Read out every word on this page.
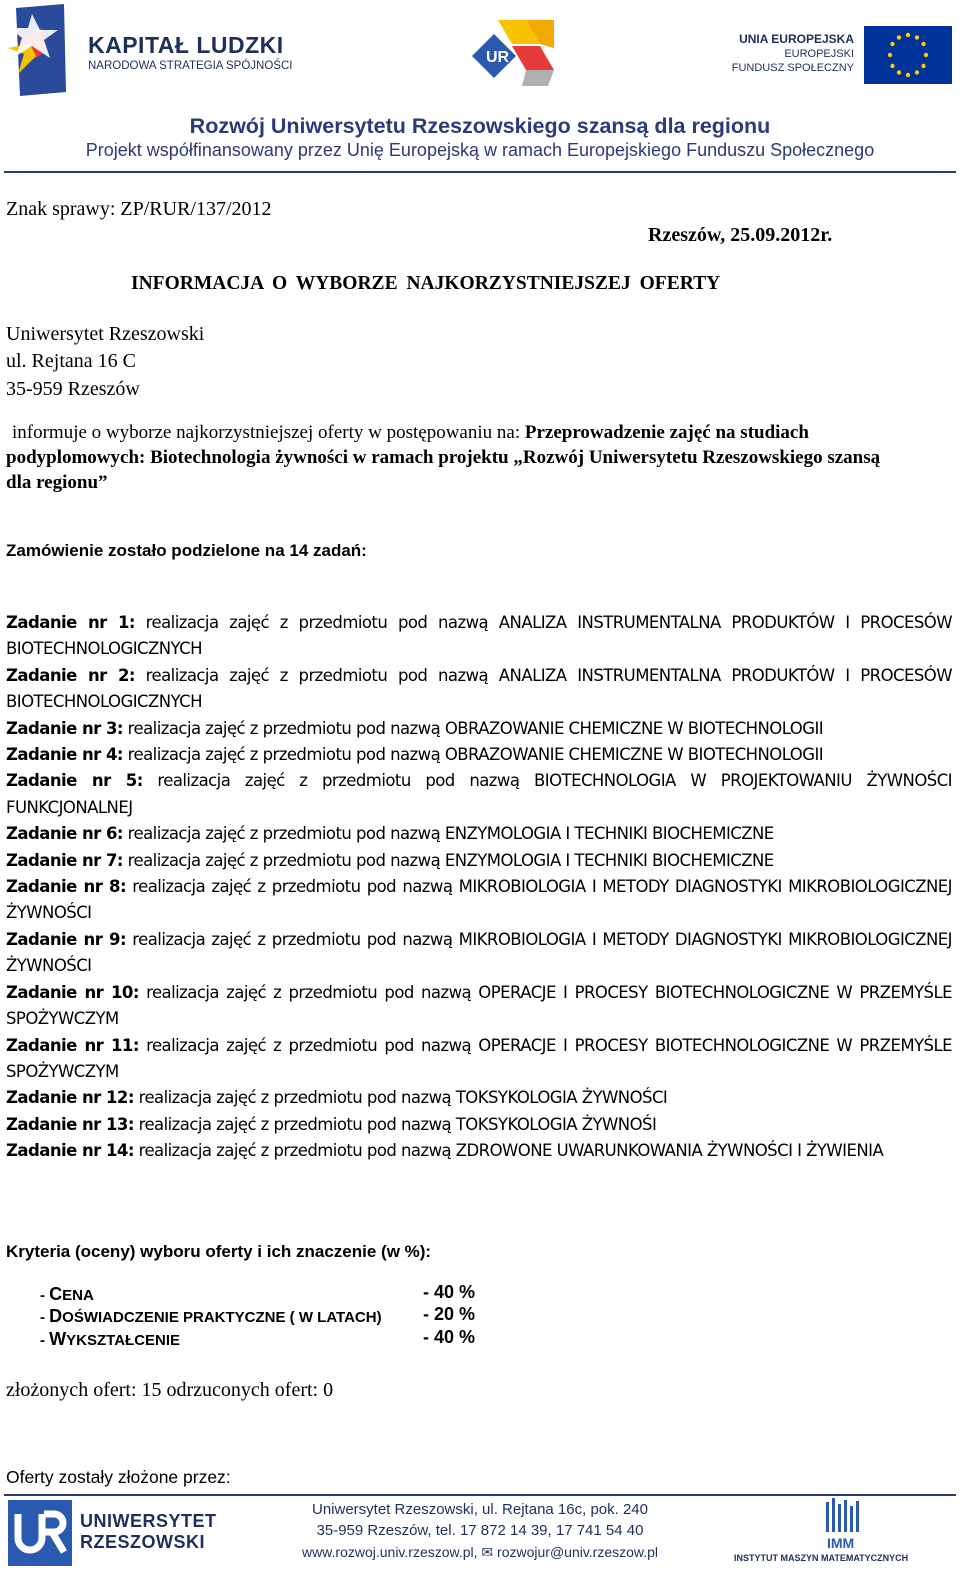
KAPITAŁ LUDZKI
NARODOWA STRATEGIA SPÓJNOŚCI	UR
UNIA EUROPEJSKA
EUROPEJSKI
FUNDUSZ SPOŁECZNY
Rozwój Uniwersytetu Rzeszowskiego szansą dla regionu
Projekt współfinansowany przez Unię Europejską w ramach Europejskiego Funduszu Społecznego
Znak sprawy: ZP/RUR/137/2012
Rzeszów, 25.09.2012r.
INFORMACJA O WYBORZE NAJKORZYSTNIEJSZEJ OFERTY
Uniwersytet Rzeszowski
ul. Rejtana 16 C
35-959 Rzeszów
informuje o wyborze najkorzystniejszej oferty w postępowaniu na: Przeprowadzenie zajęć na studiach podyplomowych: Biotechnologia żywności w ramach projektu „Rozwój Uniwersytetu Rzeszowskiego szansą dla regionu”
Zamówienie zostało podzielone na 14 zadań:
Zadanie nr 1: realizacja zajęć z przedmiotu pod nazwą ANALIZA INSTRUMENTALNA PRODUKTÓW I PROCESÓW BIOTECHNOLOGICZNYCH
Zadanie nr 2: realizacja zajęć z przedmiotu pod nazwą ANALIZA INSTRUMENTALNA PRODUKTÓW I PROCESÓW BIOTECHNOLOGICZNYCH
Zadanie nr 3: realizacja zajęć z przedmiotu pod nazwą OBRAZOWANIE CHEMICZNE W BIOTECHNOLOGII
Zadanie nr 4: realizacja zajęć z przedmiotu pod nazwą OBRAZOWANIE CHEMICZNE W BIOTECHNOLOGII
Zadanie nr 5: realizacja zajęć z przedmiotu pod nazwą BIOTECHNOLOGIA W PROJEKTOWANIU ŻYWNOŚCI FUNKCJONALNEJ
Zadanie nr 6: realizacja zajęć z przedmiotu pod nazwą ENZYMOLOGIA I TECHNIKI BIOCHEMICZNE
Zadanie nr 7: realizacja zajęć z przedmiotu pod nazwą ENZYMOLOGIA I TECHNIKI BIOCHEMICZNE
Zadanie nr 8: realizacja zajęć z przedmiotu pod nazwą MIKROBIOLOGIA I METODY DIAGNOSTYKI MIKROBIOLOGICZNEJ ŻYWNOŚCI
Zadanie nr 9: realizacja zajęć z przedmiotu pod nazwą MIKROBIOLOGIA I METODY DIAGNOSTYKI MIKROBIOLOGICZNEJ ŻYWNOŚCI
Zadanie nr 10: realizacja zajęć z przedmiotu pod nazwą OPERACJE I PROCESY BIOTECHNOLOGICZNE W PRZEMYŚLE SPOŻYWCZYM
Zadanie nr 11: realizacja zajęć z przedmiotu pod nazwą OPERACJE I PROCESY BIOTECHNOLOGICZNE W PRZEMYŚLE SPOŻYWCZYM
Zadanie nr 12: realizacja zajęć z przedmiotu pod nazwą TOKSYKOLOGIA ŻYWNOŚCI
Zadanie nr 13: realizacja zajęć z przedmiotu pod nazwą TOKSYKOLOGIA ŻYWNOŚI
Zadanie nr 14: realizacja zajęć z przedmiotu pod nazwą ZDROWONE UWARUNKOWANIA ŻYWNOŚCI I ŻYWIENIA
Kryteria (oceny) wyboru oferty i ich znaczenie (w %):
- CENA	- 40 %
- DOŚWIADCZENIE PRAKTYCZNE ( W LATACH) - 20 %
- WYKSZTAŁCENIE	- 40 %
złożonych ofert: 15 odrzuconych ofert: 0
Oferty zostały złożone przez:
UNIWERSYTET
RZESZOWSKI
Uniwersytet Rzeszowski, ul. Rejtana 16c, pok. 240
35-959 Rzeszów, tel. 17 872 14 39, 17 741 54 40
www.rozwoj.univ.rzeszow.pl, ✉ rozwojur@univ.rzeszow.pl
IMM
INSTYTUT MASZYN MATEMATYCZNYCH
